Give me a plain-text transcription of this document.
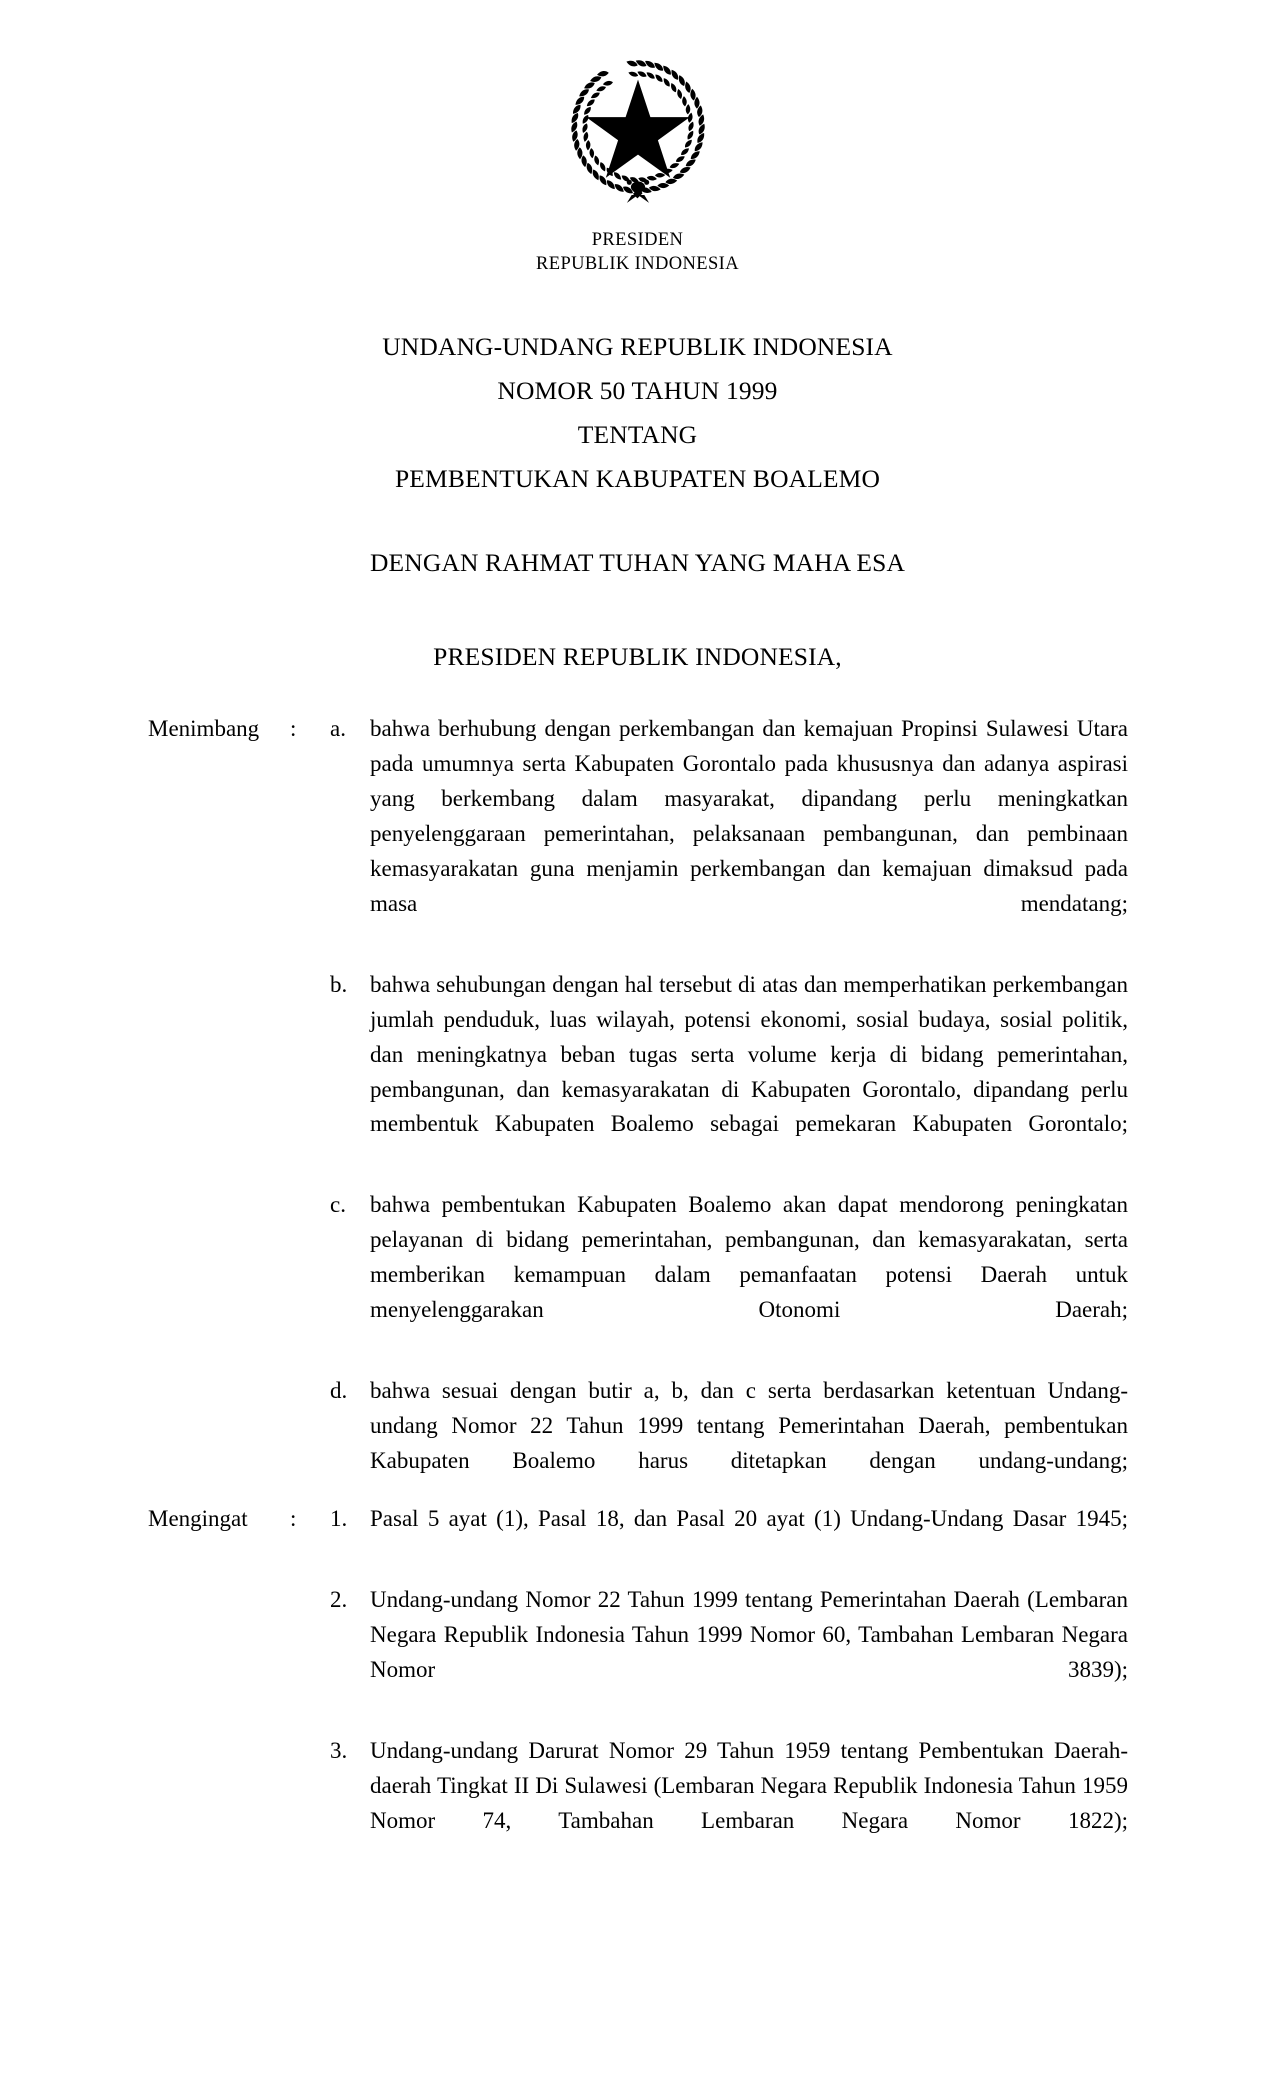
PRESIDEN
REPUBLIK INDONESIA
UNDANG-UNDANG REPUBLIK INDONESIA
NOMOR 50 TAHUN 1999
TENTANG
PEMBENTUKAN KABUPATEN BOALEMO
DENGAN RAHMAT TUHAN YANG MAHA ESA
PRESIDEN REPUBLIK INDONESIA,
Menimbang	:	a.	bahwa berhubung dengan perkembangan dan kemajuan Propinsi Sulawesi Utara pada umumnya serta Kabupaten Gorontalo pada khususnya dan adanya aspirasi yang berkembang dalam masyarakat, dipandang perlu meningkatkan penyelenggaraan pemerintahan, pelaksanaan pembangunan, dan pembinaan kemasyarakatan guna menjamin perkembangan dan kemajuan dimaksud pada masa mendatang;
b. bahwa sehubungan dengan hal tersebut di atas dan memperhatikan perkembangan jumlah penduduk, luas wilayah, potensi ekonomi, sosial budaya, sosial politik, dan meningkatnya beban tugas serta volume kerja di bidang pemerintahan, pembangunan, dan kemasyarakatan di Kabupaten Gorontalo, dipandang perlu membentuk Kabupaten Boalemo sebagai pemekaran Kabupaten Gorontalo;
c.	bahwa pembentukan Kabupaten Boalemo akan dapat mendorong peningkatan pelayanan di bidang pemerintahan, pembangunan, dan kemasyarakatan, serta memberikan kemampuan dalam pemanfaatan potensi Daerah untuk menyelenggarakan Otonomi Daerah;
d. bahwa sesuai dengan butir a, b, dan c serta berdasarkan ketentuan Undang-undang Nomor 22 Tahun 1999 tentang Pemerintahan Daerah, pembentukan Kabupaten Boalemo harus ditetapkan dengan undang-undang;
Mengingat	:	1. Pasal 5 ayat (1), Pasal 18, dan Pasal 20 ayat (1) Undang-Undang Dasar 1945;
2. Undang-undang Nomor 22 Tahun 1999 tentang Pemerintahan Daerah (Lembaran Negara Republik Indonesia Tahun 1999 Nomor 60, Tambahan Lembaran Negara Nomor 3839);
3. Undang-undang Darurat Nomor 29 Tahun 1959 tentang Pembentukan Daerah-daerah Tingkat II Di Sulawesi (Lembaran Negara Republik Indonesia Tahun 1959 Nomor 74, Tambahan Lembaran Negara Nomor 1822);
